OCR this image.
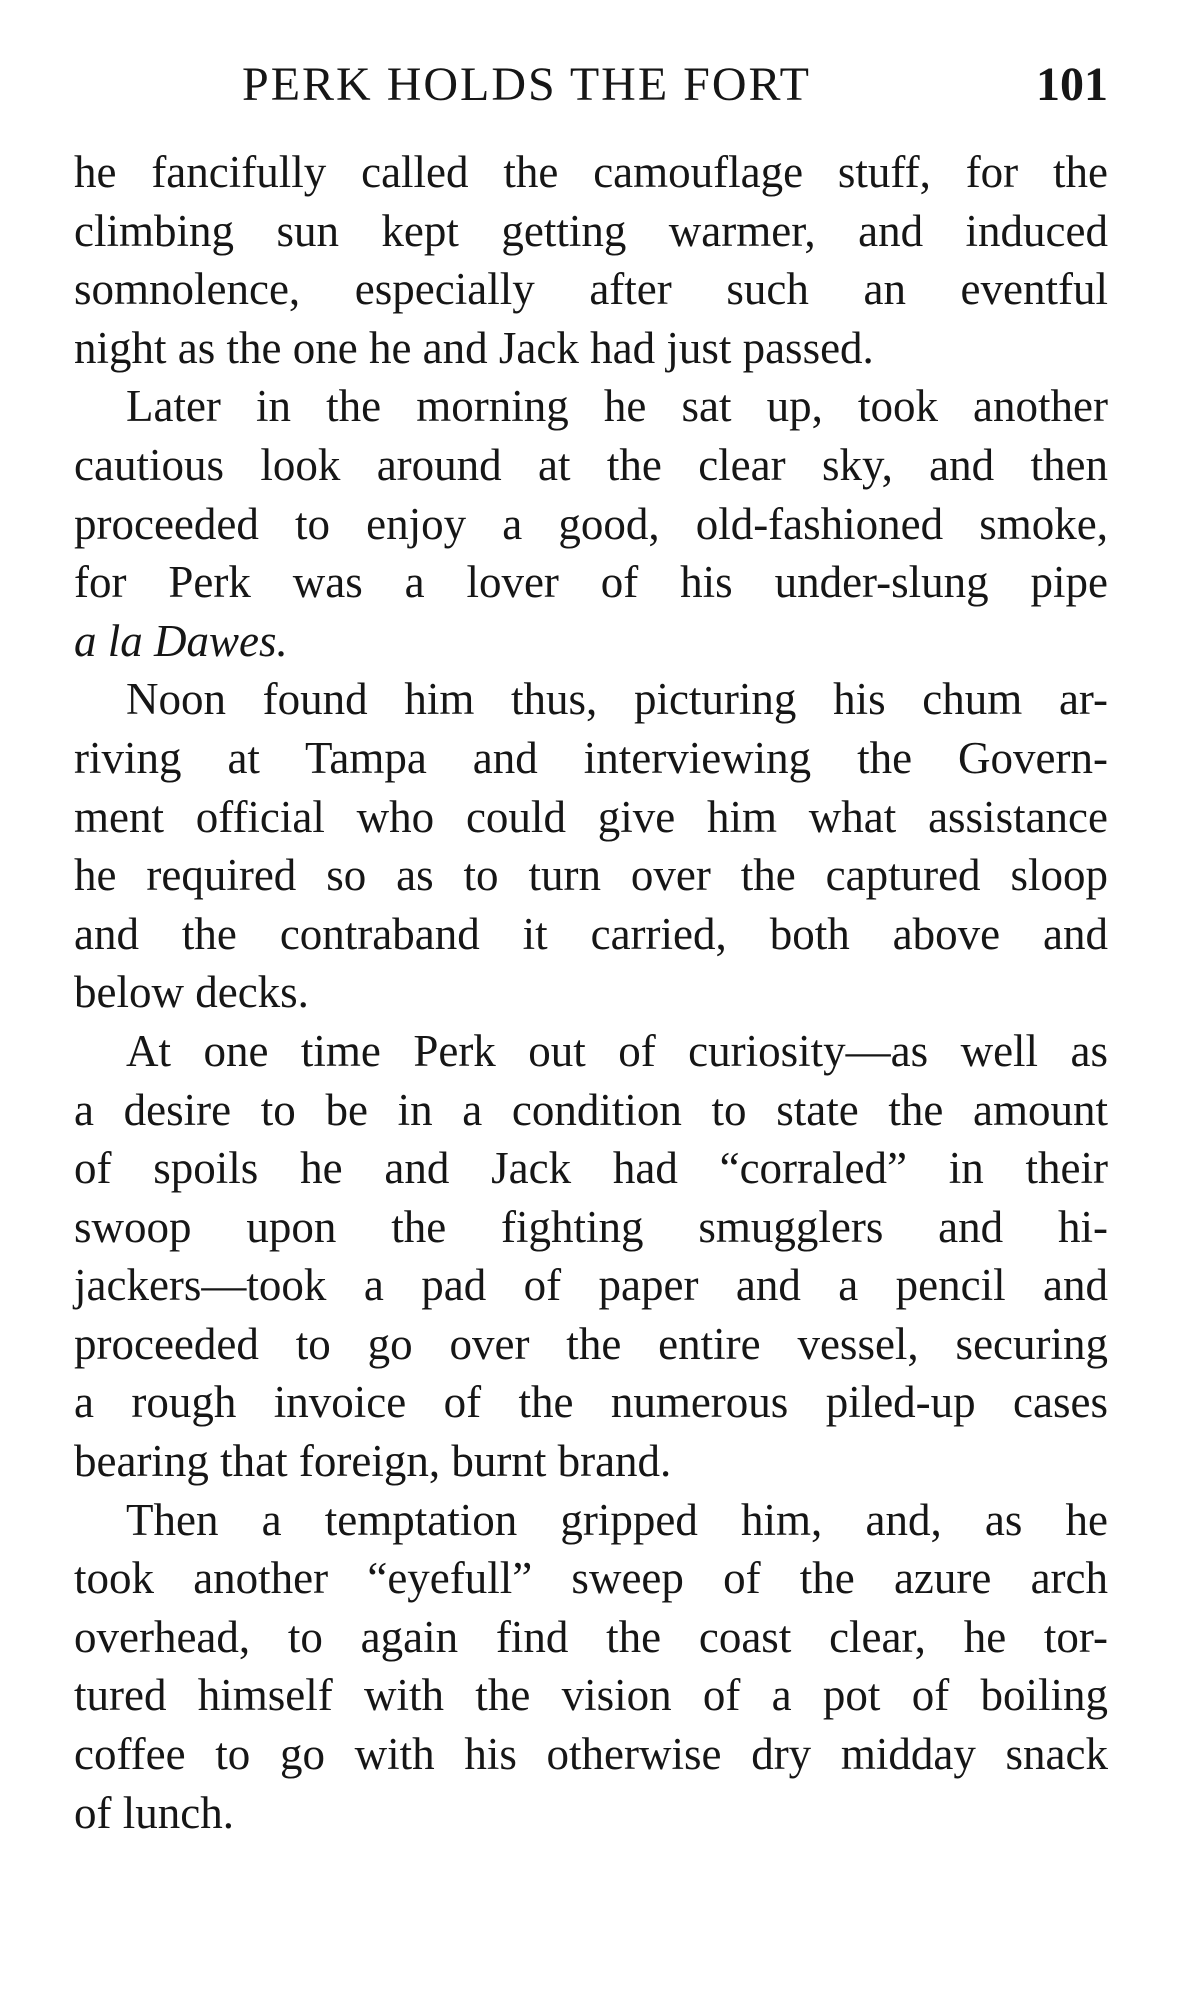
PERK HOLDS THE FORT	101

he fancifully called the camouflage stuff, for the
climbing sun kept getting warmer, and induced
somnolence, especially after such an eventful
night as the one he and Jack had just passed.

Later in the morning he sat up, took another
cautious look around at the clear sky, and then
proceeded to enjoy a good, old-fashioned smoke,
for Perk was a lover of his under-slung pipe
a la Dawes.

Noon found him thus, picturing his chum ar-
riving at Tampa and interviewing the Govern-
ment official who could give him what assistance
he required so as to turn over the captured sloop
and the contraband it carried, both above and
below decks.

At one time Perk out of curiosity—as well as
a desire to be in a condition to state the amount
of spoils he and Jack had “corraled” in their
swoop upon the fighting smugglers and hi-
jackers—took a pad of paper and a pencil and
proceeded to go over the entire vessel, securing
a rough invoice of the numerous piled-up cases
bearing that foreign, burnt brand.

Then a temptation gripped him, and, as he
took another “eyefull” sweep of the azure arch
overhead, to again find the coast clear, he tor-
tured himself with the vision of a pot of boiling
coffee to go with his otherwise dry midday snack
of lunch.
